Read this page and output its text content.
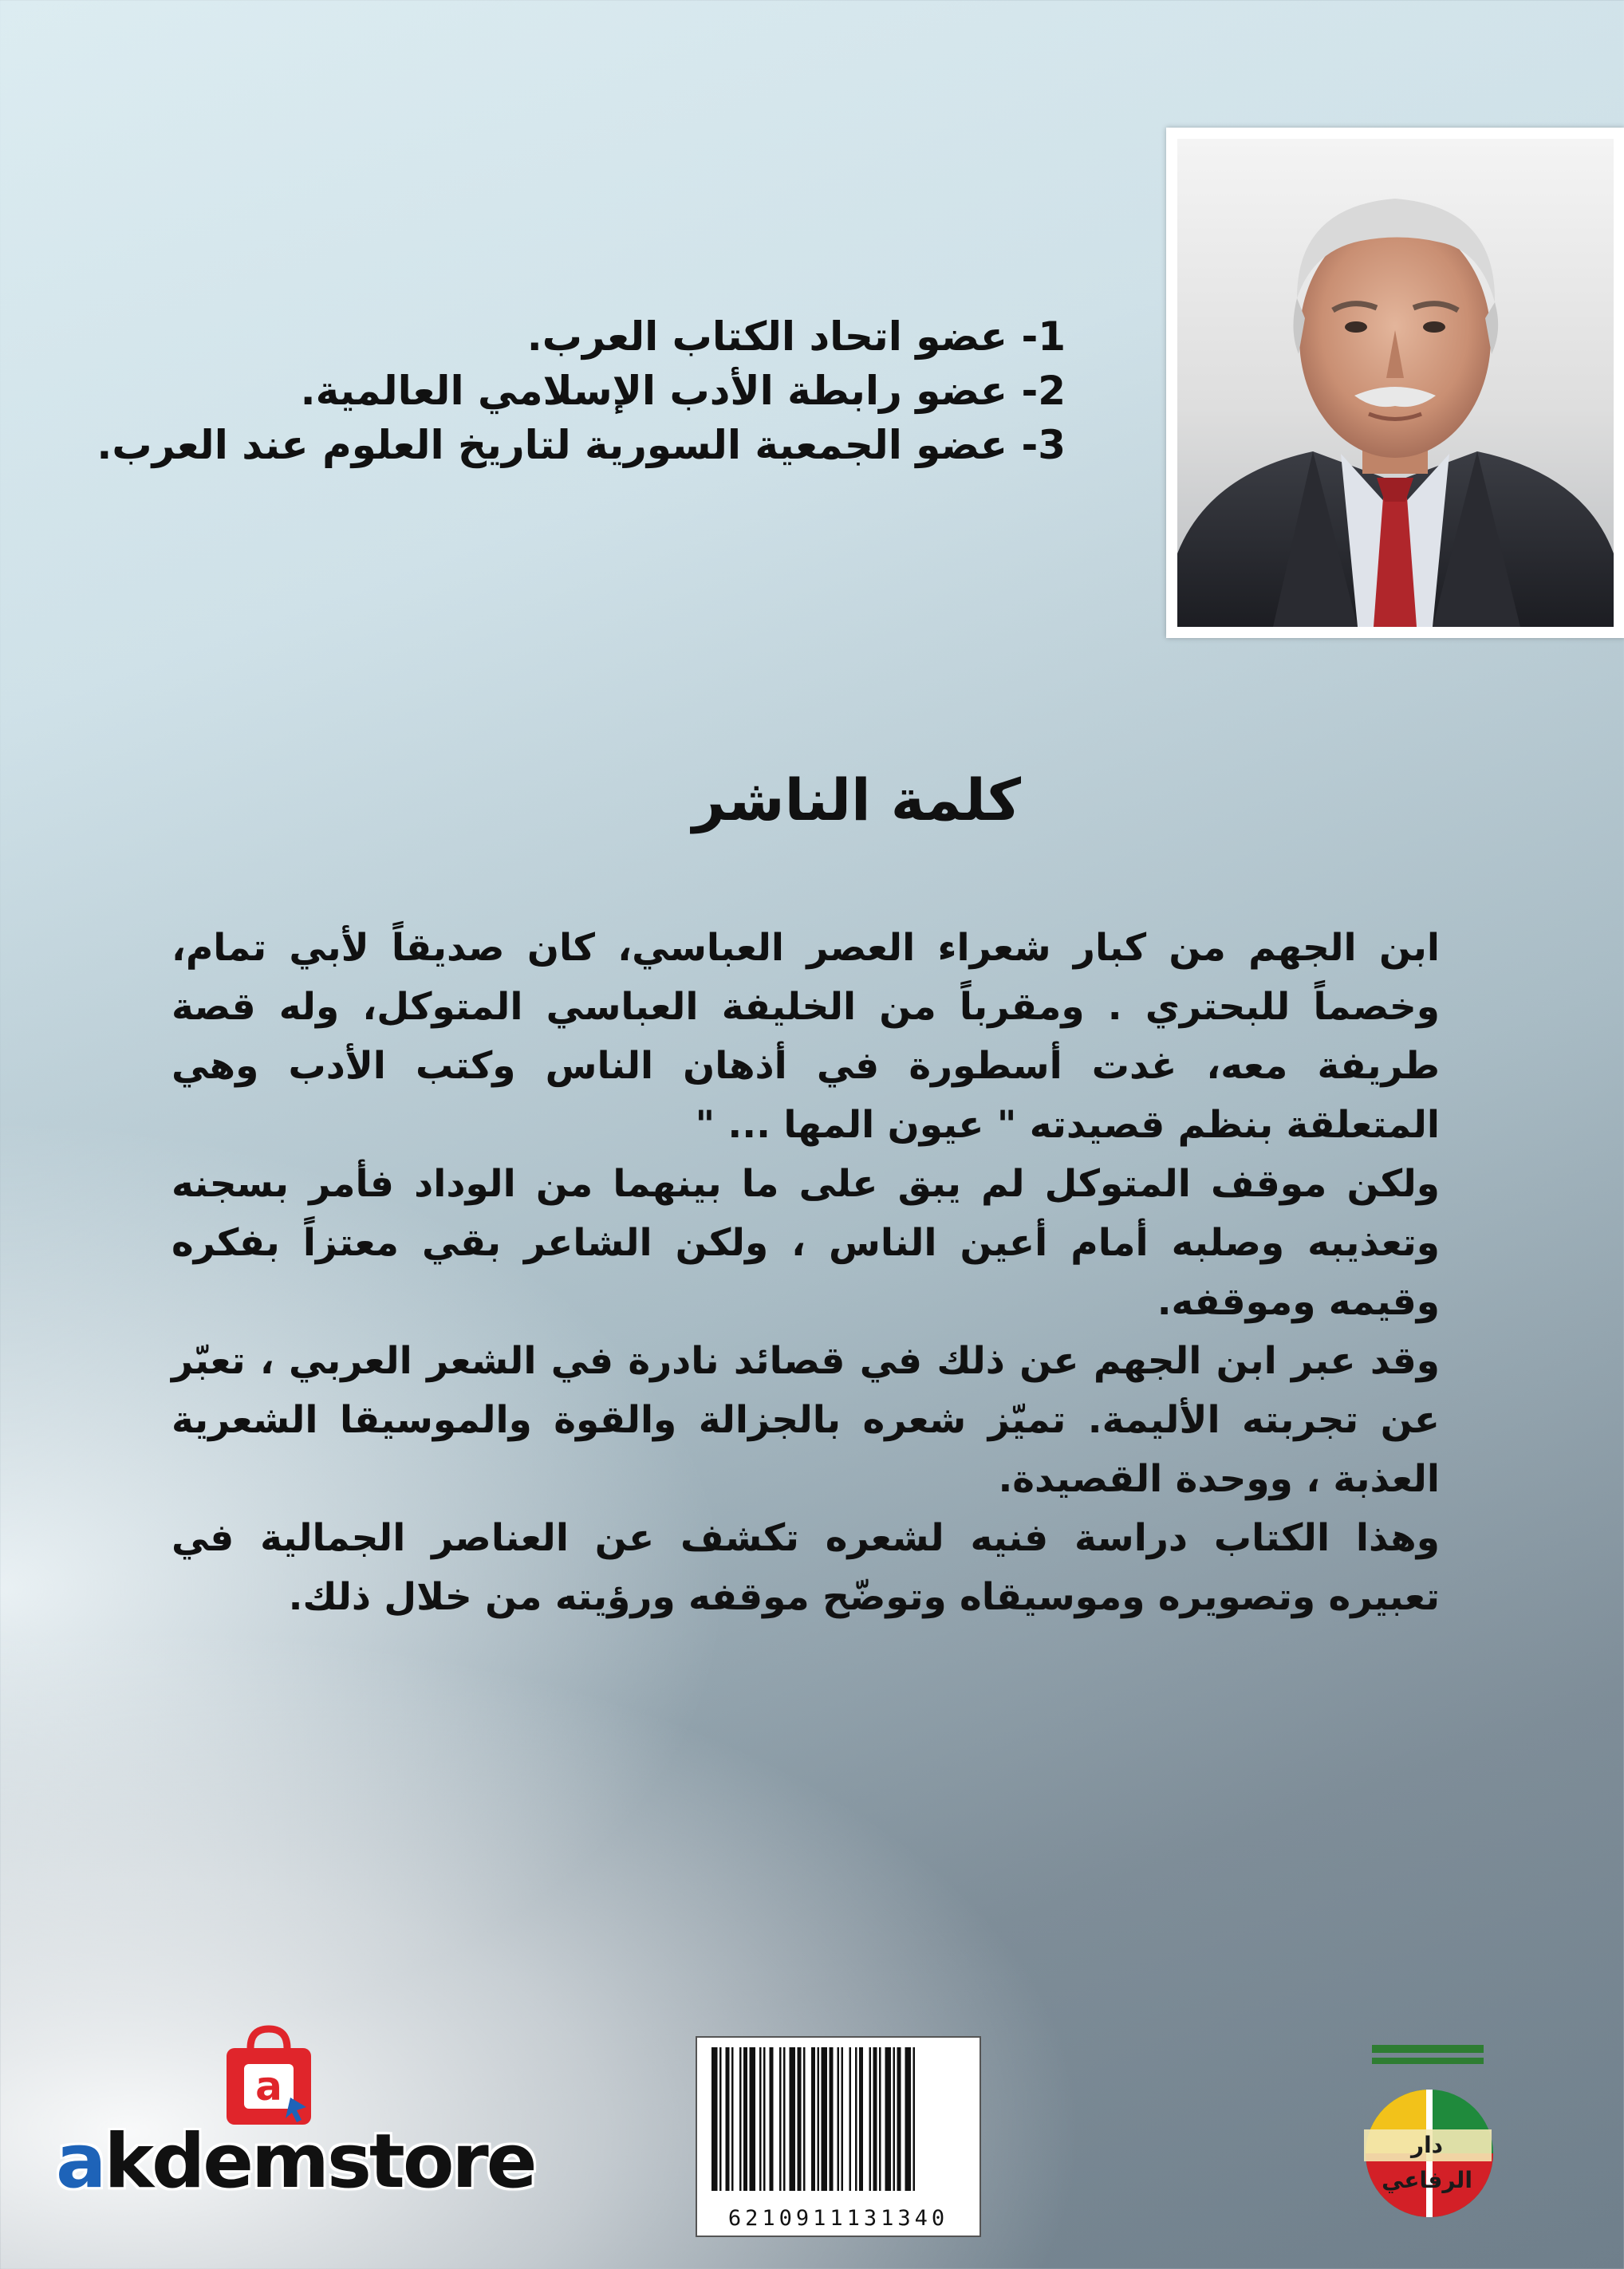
1- عضو اتحاد الكتاب العرب.
2- عضو رابطة الأدب الإسلامي العالمية.
3- عضو الجمعية السورية لتاريخ العلوم عند العرب.
كلمة الناشر

ابن الجهم من كبار شعراء العصر العباسي، كان صديقاً لأبي تمام، وخصماً للبحتري . ومقرباً من الخليفة العباسي المتوكل، وله قصة طريفة معه، غدت أسطورة في أذهان الناس وكتب الأدب وهي المتعلقة بنظم قصيدته " عيون المها ... "

ولكن موقف المتوكل لم يبق على ما بينهما من الوداد فأمر بسجنه وتعذيبه وصلبه أمام أعين الناس ، ولكن الشاعر بقي معتزاً بفكره وقيمه وموقفه.

وقد عبر ابن الجهم عن ذلك في قصائد نادرة في الشعر العربي ، تعبّر عن تجربته الأليمة. تميّز شعره بالجزالة والقوة والموسيقا الشعرية العذبة ، ووحدة القصيدة.

وهذا الكتاب دراسة فنيه لشعره تكشف عن العناصر الجمالية في تعبيره وتصويره وموسيقاه وتوضّح موقفه ورؤيته من خلال ذلك.

6210911131340
دار الرفاعي
a
akdemstore
